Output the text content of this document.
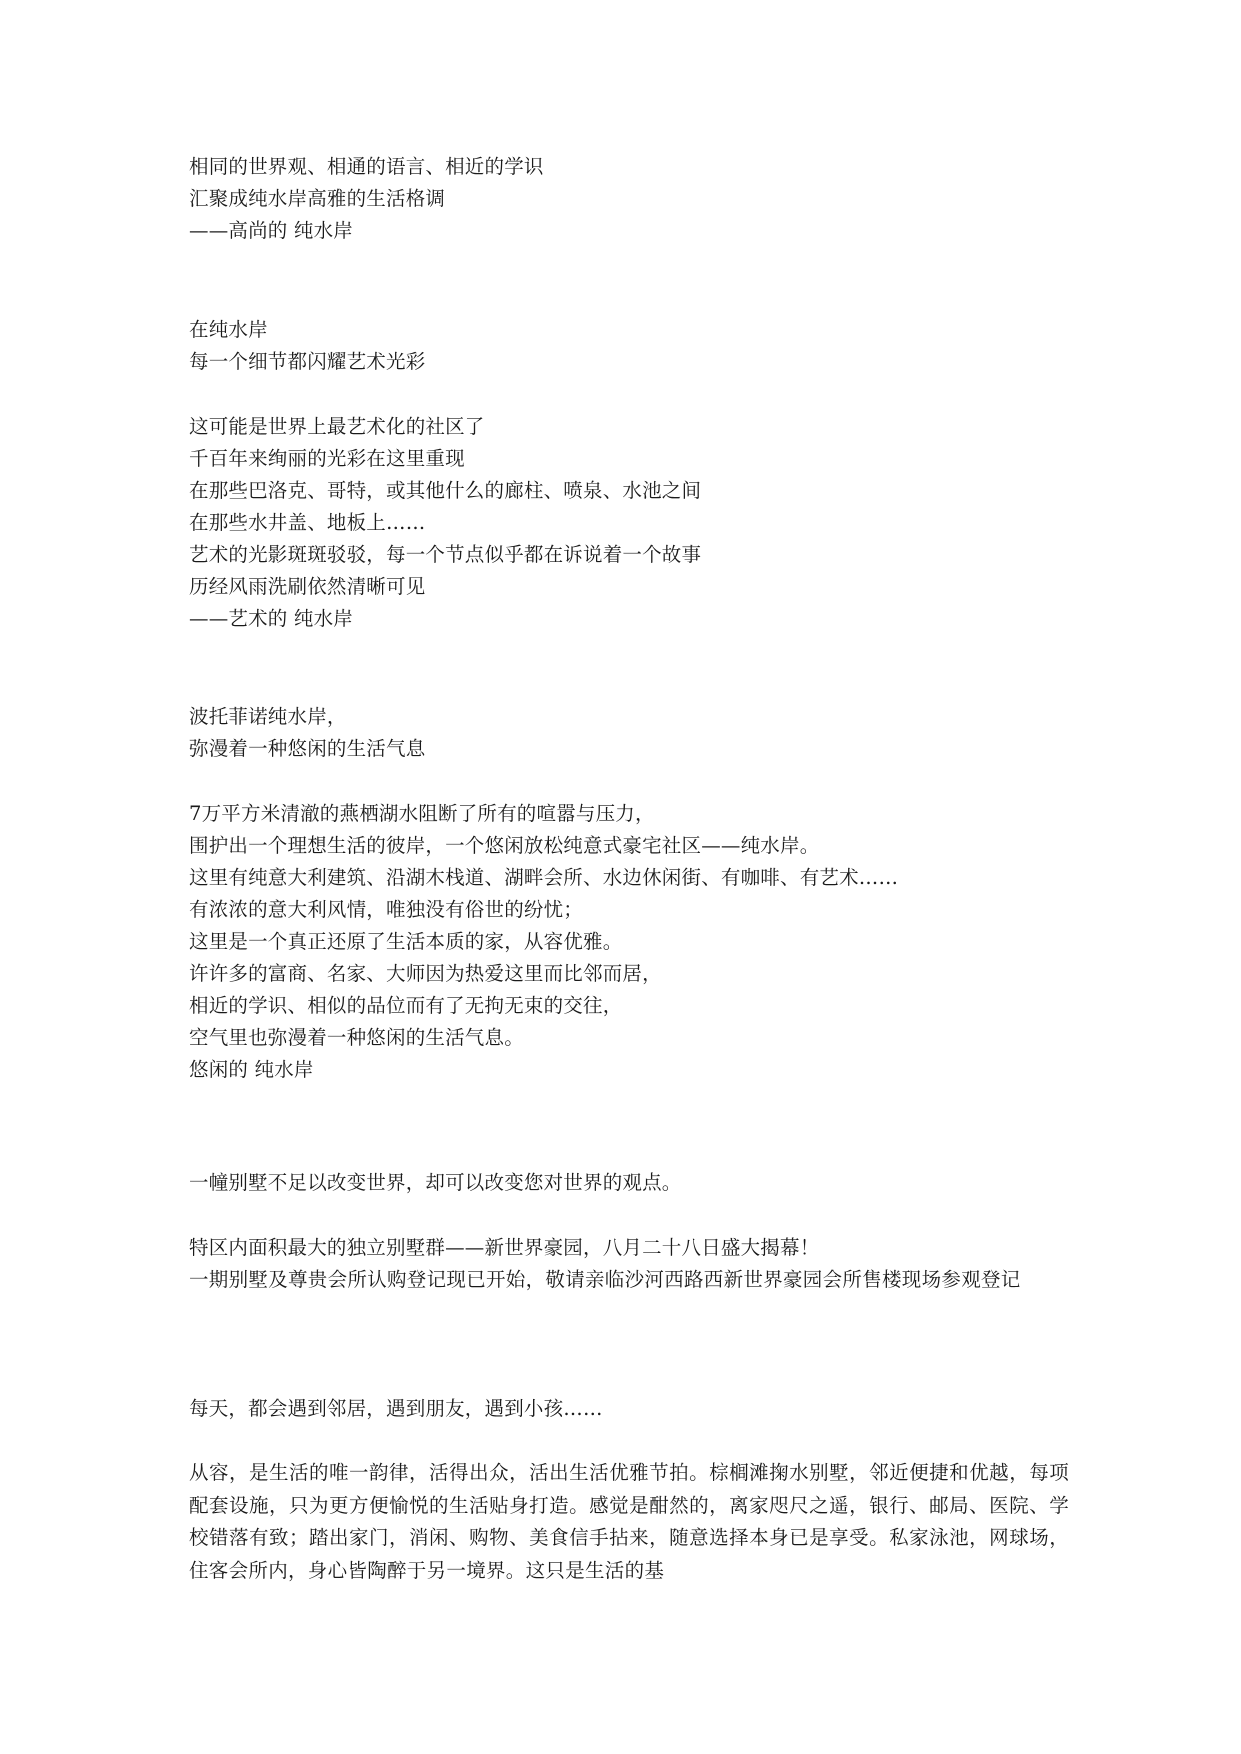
相同的世界观、相通的语言、相近的学识
汇聚成纯水岸高雅的生活格调
——高尚的 纯水岸
在纯水岸
每一个细节都闪耀艺术光彩
这可能是世界上最艺术化的社区了
千百年来绚丽的光彩在这里重现
在那些巴洛克、哥特，或其他什么的廊柱、喷泉、水池之间
在那些水井盖、地板上……
艺术的光影斑斑驳驳，每一个节点似乎都在诉说着一个故事
历经风雨洗刷依然清晰可见
——艺术的 纯水岸
波托菲诺纯水岸，
弥漫着一种悠闲的生活气息
7万平方米清澈的燕栖湖水阻断了所有的喧嚣与压力，
围护出一个理想生活的彼岸，一个悠闲放松纯意式豪宅社区——纯水岸。
这里有纯意大利建筑、沿湖木栈道、湖畔会所、水边休闲街、有咖啡、有艺术……
有浓浓的意大利风情，唯独没有俗世的纷忧；
这里是一个真正还原了生活本质的家，从容优雅。
许许多的富商、名家、大师因为热爱这里而比邻而居，
相近的学识、相似的品位而有了无拘无束的交往，
空气里也弥漫着一种悠闲的生活气息。
悠闲的 纯水岸
一幢别墅不足以改变世界，却可以改变您对世界的观点。
特区内面积最大的独立别墅群——新世界豪园，八月二十八日盛大揭幕！
一期别墅及尊贵会所认购登记现已开始，敬请亲临沙河西路西新世界豪园会所售楼现场参观登记
每天，都会遇到邻居，遇到朋友，遇到小孩……
从容，是生活的唯一韵律，活得出众，活出生活优雅节拍。棕榈滩掬水别墅，邻近便捷和优越，每项配套设施，只为更方便愉悦的生活贴身打造。感觉是酣然的，离家咫尺之遥，银行、邮局、医院、学校错落有致；踏出家门，消闲、购物、美食信手拈来，随意选择本身已是享受。私家泳池，网球场，住客会所内，身心皆陶醉于另一境界。这只是生活的基
